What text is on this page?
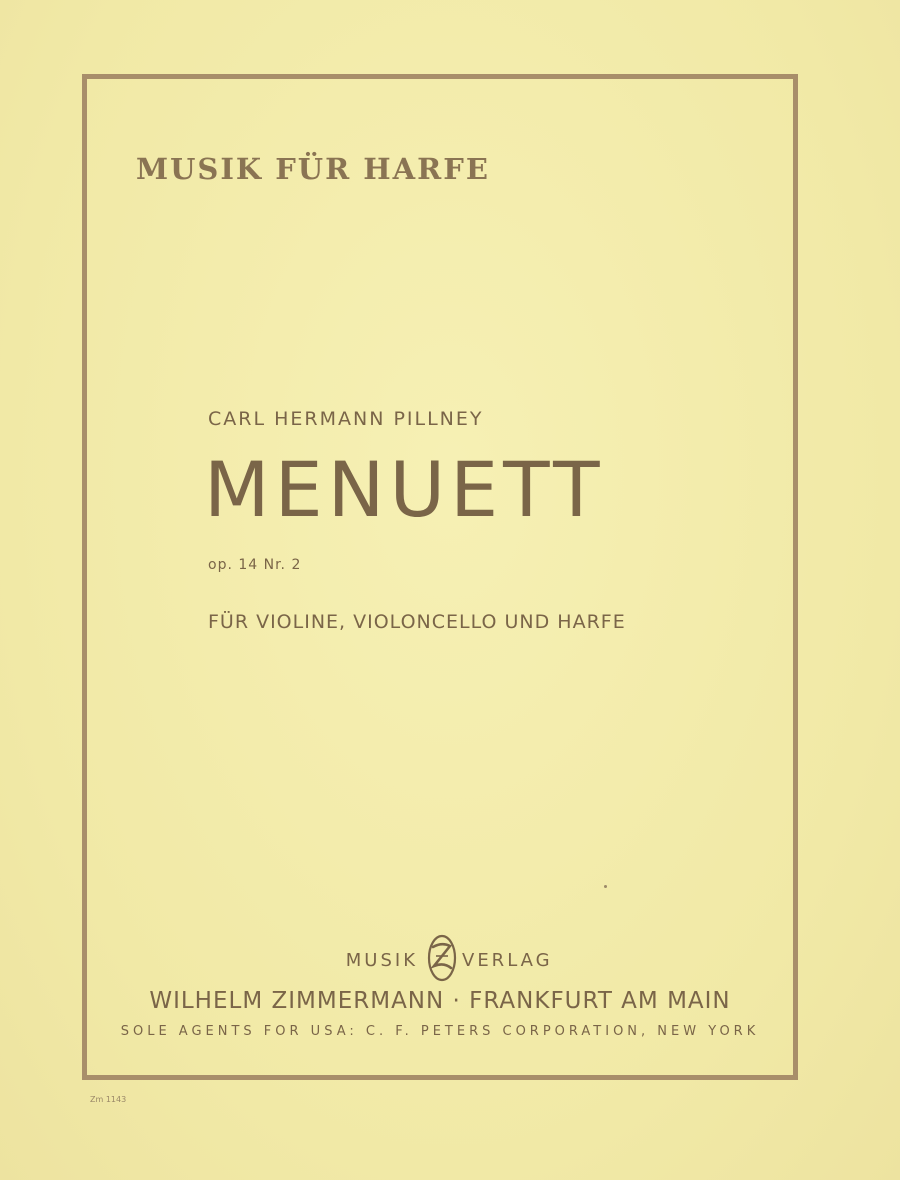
MUSIK FÜR HARFE
CARL HERMANN PILLNEY
MENUETT
op. 14 Nr. 2
FÜR VIOLINE, VIOLONCELLO UND HARFE
MUSIK VERLAG
WILHELM ZIMMERMANN · FRANKFURT AM MAIN
SOLE AGENTS FOR USA: C. F. PETERS CORPORATION, NEW YORK
Zm 1143
